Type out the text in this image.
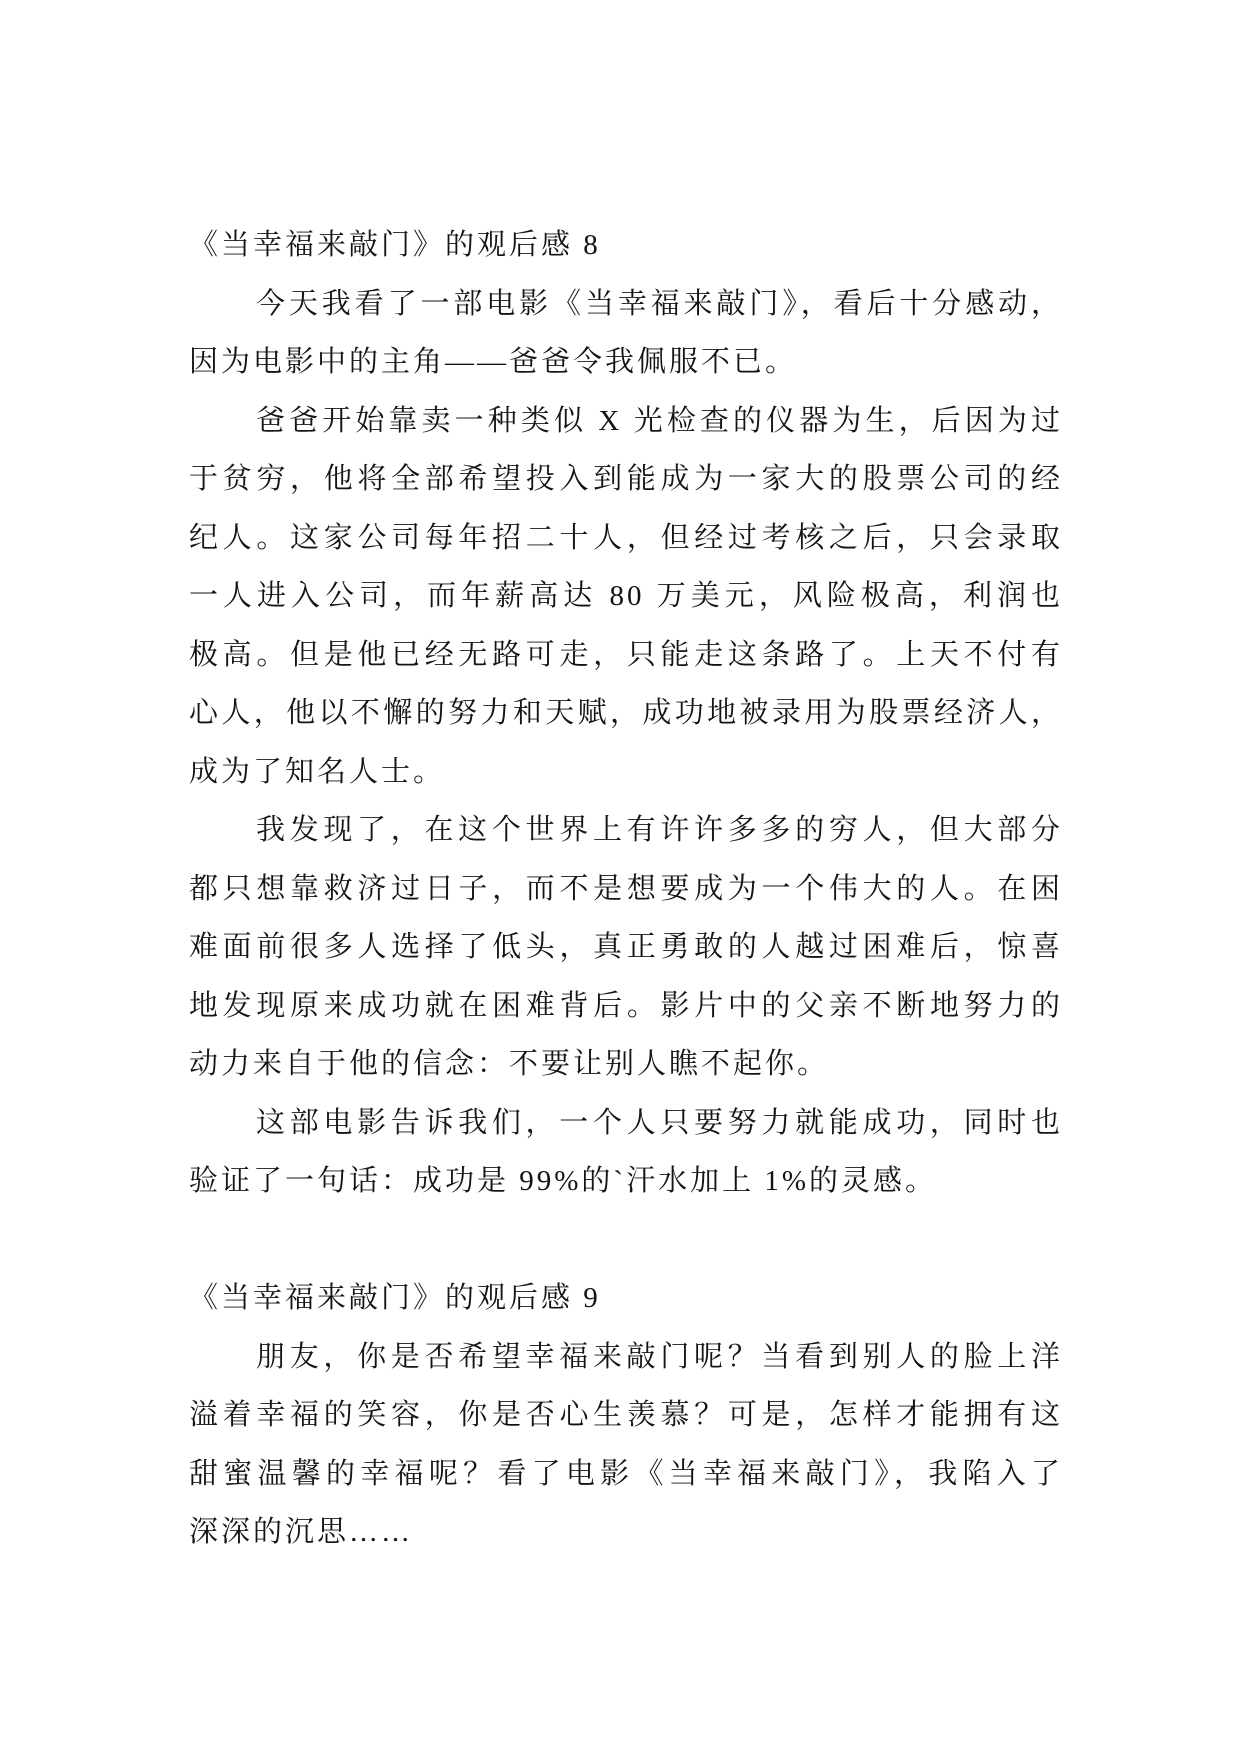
《当幸福来敲门》的观后感 8
今天我看了一部电影《当幸福来敲门》，看后十分感动，
因为电影中的主角——爸爸令我佩服不已。
爸爸开始靠卖一种类似 X 光检查的仪器为生，后因为过
于贫穷，他将全部希望投入到能成为一家大的股票公司的经
纪人。这家公司每年招二十人，但经过考核之后，只会录取
一人进入公司，而年薪高达 80 万美元，风险极高，利润也
极高。但是他已经无路可走，只能走这条路了。上天不付有
心人，他以不懈的努力和天赋，成功地被录用为股票经济人，
成为了知名人士。
我发现了，在这个世界上有许许多多的穷人，但大部分
都只想靠救济过日子，而不是想要成为一个伟大的人。在困
难面前很多人选择了低头，真正勇敢的人越过困难后，惊喜
地发现原来成功就在困难背后。影片中的父亲不断地努力的
动力来自于他的信念：不要让别人瞧不起你。
这部电影告诉我们，一个人只要努力就能成功，同时也
验证了一句话：成功是 99%的`汗水加上 1%的灵感。
《当幸福来敲门》的观后感 9
朋友，你是否希望幸福来敲门呢？当看到别人的脸上洋
溢着幸福的笑容，你是否心生羡慕？可是，怎样才能拥有这
甜蜜温馨的幸福呢？看了电影《当幸福来敲门》，我陷入了
深深的沉思……
